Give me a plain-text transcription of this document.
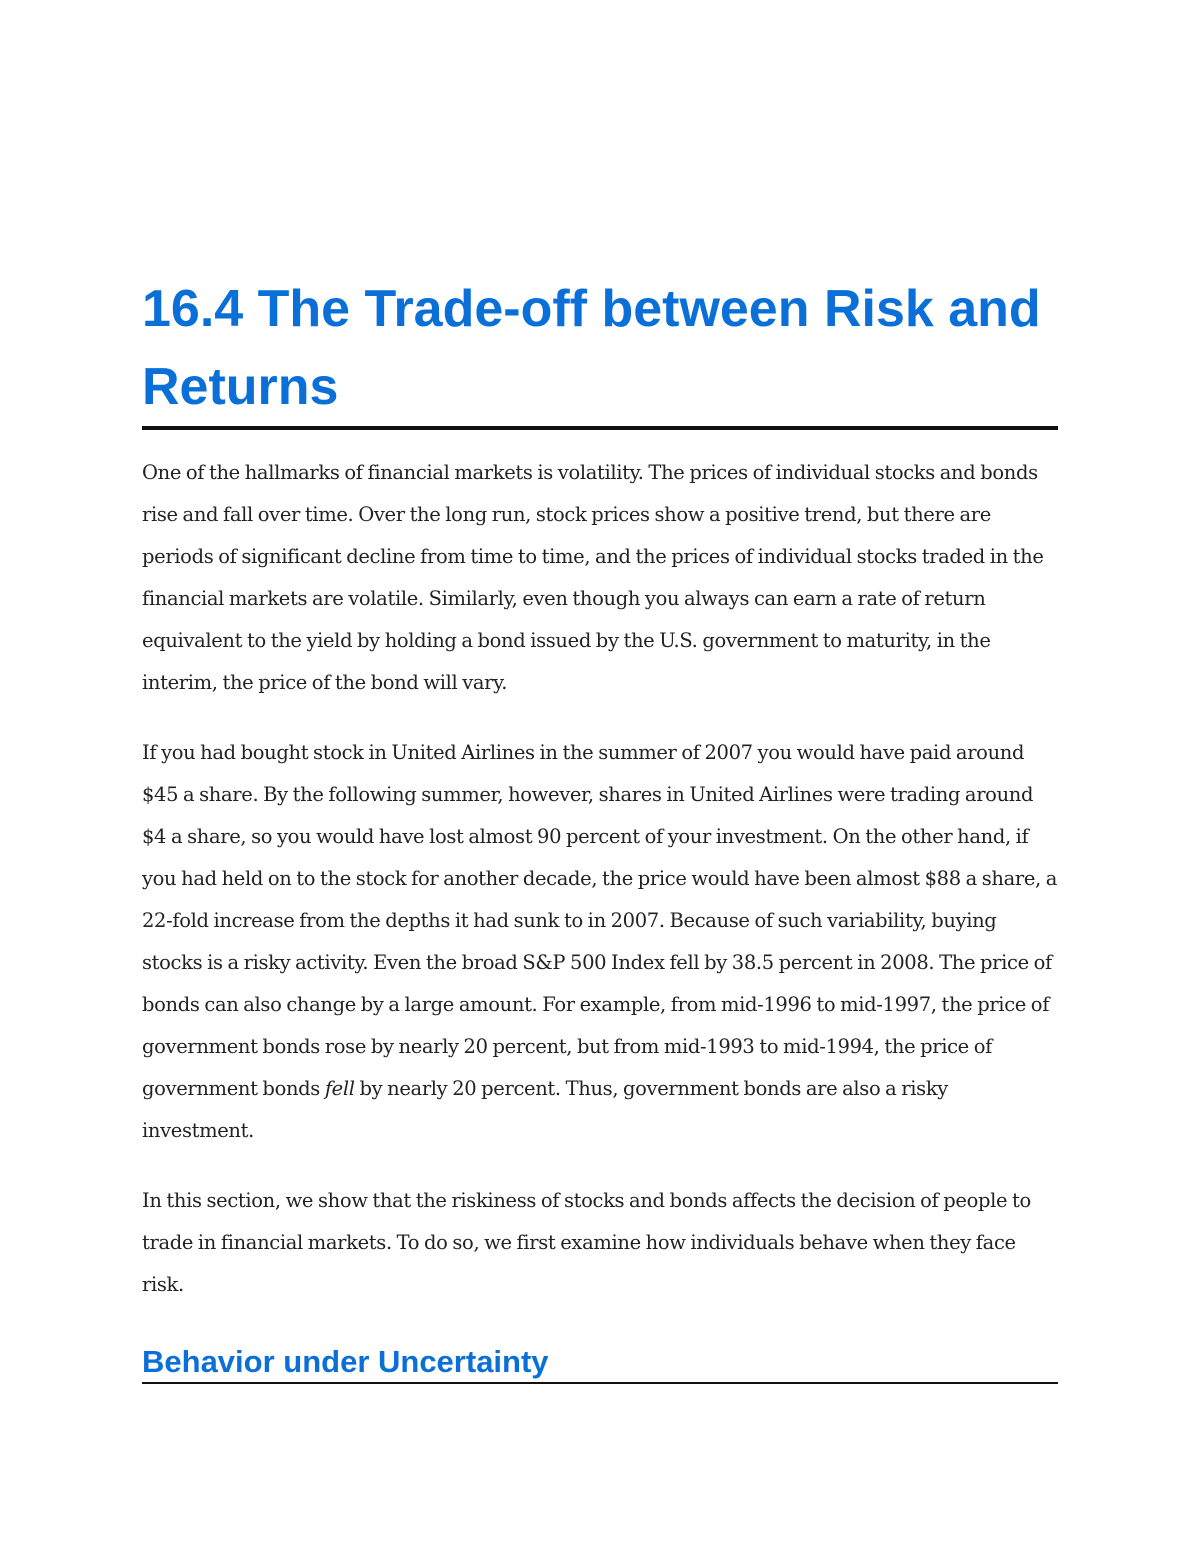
16.4 The Trade-off between Risk and Returns

One of the hallmarks of financial markets is volatility. The prices of individual stocks and bonds rise and fall over time. Over the long run, stock prices show a positive trend, but there are periods of significant decline from time to time, and the prices of individual stocks traded in the financial markets are volatile. Similarly, even though you always can earn a rate of return equivalent to the yield by holding a bond issued by the U.S. government to maturity, in the interim, the price of the bond will vary.

If you had bought stock in United Airlines in the summer of 2007 you would have paid around $45 a share. By the following summer, however, shares in United Airlines were trading around $4 a share, so you would have lost almost 90 percent of your investment. On the other hand, if you had held on to the stock for another decade, the price would have been almost $88 a share, a 22-fold increase from the depths it had sunk to in 2007. Because of such variability, buying stocks is a risky activity. Even the broad S&P 500 Index fell by 38.5 percent in 2008. The price of bonds can also change by a large amount. For example, from mid-1996 to mid-1997, the price of government bonds rose by nearly 20 percent, but from mid-1993 to mid-1994, the price of government bonds fell by nearly 20 percent. Thus, government bonds are also a risky investment.

In this section, we show that the riskiness of stocks and bonds affects the decision of people to trade in financial markets. To do so, we first examine how individuals behave when they face risk.

Behavior under Uncertainty
